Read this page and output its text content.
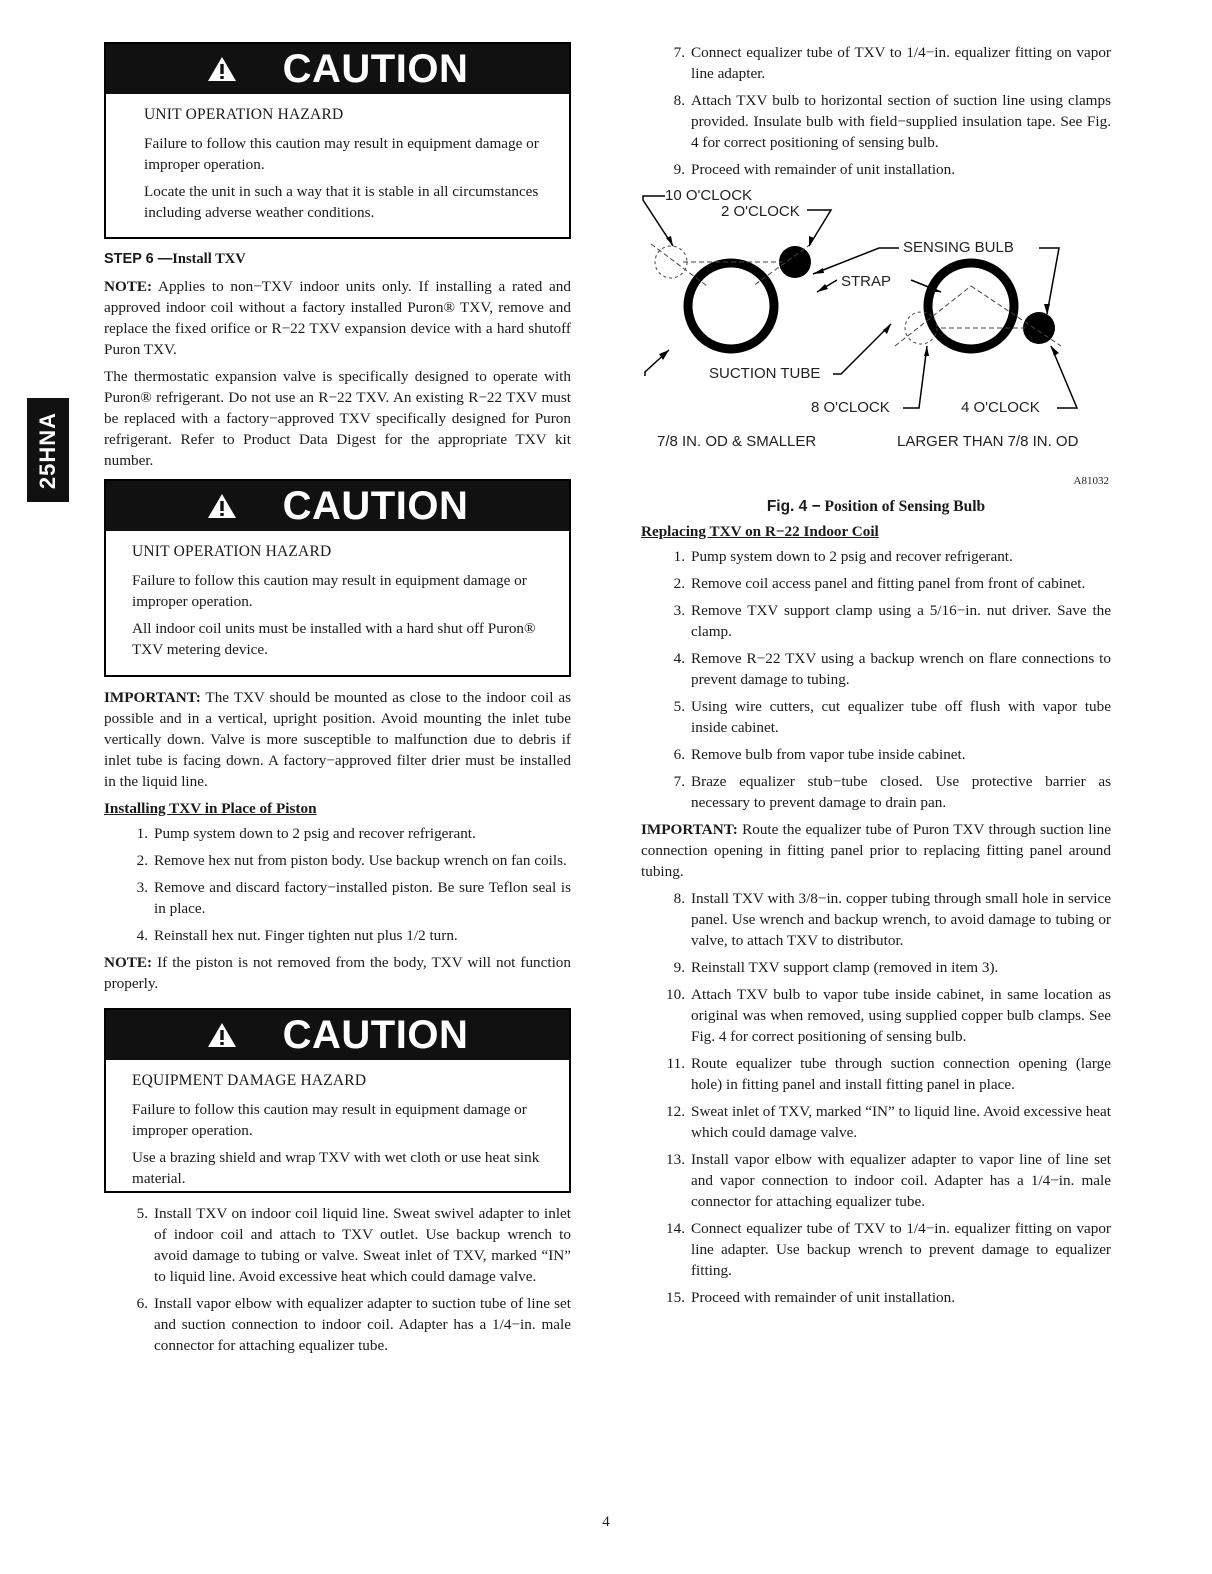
25HNA
CAUTION
UNIT OPERATION HAZARD

Failure to follow this caution may result in equipment damage or improper operation.

Locate the unit in such a way that it is stable in all circumstances including adverse weather conditions.

STEP 6 —Install TXV

NOTE: Applies to non−TXV indoor units only. If installing a rated and approved indoor coil without a factory installed Puron® TXV, remove and replace the fixed orifice or R−22 TXV expansion device with a hard shutoff Puron TXV.

The thermostatic expansion valve is specifically designed to operate with Puron® refrigerant. Do not use an R−22 TXV. An existing R−22 TXV must be replaced with a factory−approved TXV specifically designed for Puron refrigerant. Refer to Product Data Digest for the appropriate TXV kit number.

CAUTION
UNIT OPERATION HAZARD

Failure to follow this caution may result in equipment damage or improper operation.

All indoor coil units must be installed with a hard shut off Puron® TXV metering device.

IMPORTANT: The TXV should be mounted as close to the indoor coil as possible and in a vertical, upright position. Avoid mounting the inlet tube vertically down. Valve is more susceptible to malfunction due to debris if inlet tube is facing down. A factory−approved filter drier must be installed in the liquid line.

Installing TXV in Place of Piston
1. Pump system down to 2 psig and recover refrigerant.
2. Remove hex nut from piston body. Use backup wrench on fan coils.
3. Remove and discard factory−installed piston. Be sure Teflon seal is in place.
4. Reinstall hex nut. Finger tighten nut plus 1/2 turn.

NOTE: If the piston is not removed from the body, TXV will not function properly.

CAUTION
EQUIPMENT DAMAGE HAZARD

Failure to follow this caution may result in equipment damage or improper operation.

Use a brazing shield and wrap TXV with wet cloth or use heat sink material.

5. Install TXV on indoor coil liquid line. Sweat swivel adapter to inlet of indoor coil and attach to TXV outlet. Use backup wrench to avoid damage to tubing or valve. Sweat inlet of TXV, marked “IN” to liquid line. Avoid excessive heat which could damage valve.
6. Install vapor elbow with equalizer adapter to suction tube of line set and suction connection to indoor coil. Adapter has a 1/4−in. male connector for attaching equalizer tube.
7. Connect equalizer tube of TXV to 1/4−in. equalizer fitting on vapor line adapter.
8. Attach TXV bulb to horizontal section of suction line using clamps provided. Insulate bulb with field−supplied insulation tape. See Fig. 4 for correct positioning of sensing bulb.
9. Proceed with remainder of unit installation.
10 O'CLOCK
2 O'CLOCK
SENSING BULB
STRAP
SUCTION TUBE
8 O'CLOCK	4 O'CLOCK
7/8 IN. OD & SMALLER	LARGER THAN 7/8 IN. OD
A81032
Fig. 4 − Position of Sensing Bulb
Replacing TXV on R−22 Indoor Coil
1. Pump system down to 2 psig and recover refrigerant.
2. Remove coil access panel and fitting panel from front of cabinet.
3. Remove TXV support clamp using a 5/16−in. nut driver. Save the clamp.
4. Remove R−22 TXV using a backup wrench on flare connections to prevent damage to tubing.
5. Using wire cutters, cut equalizer tube off flush with vapor tube inside cabinet.
6. Remove bulb from vapor tube inside cabinet.
7. Braze equalizer stub−tube closed. Use protective barrier as necessary to prevent damage to drain pan.

IMPORTANT: Route the equalizer tube of Puron TXV through suction line connection opening in fitting panel prior to replacing fitting panel around tubing.

8. Install TXV with 3/8−in. copper tubing through small hole in service panel. Use wrench and backup wrench, to avoid damage to tubing or valve, to attach TXV to distributor.
9. Reinstall TXV support clamp (removed in item 3).
10. Attach TXV bulb to vapor tube inside cabinet, in same location as original was when removed, using supplied copper bulb clamps. See Fig. 4 for correct positioning of sensing bulb.
11. Route equalizer tube through suction connection opening (large hole) in fitting panel and install fitting panel in place.
12. Sweat inlet of TXV, marked “IN” to liquid line. Avoid excessive heat which could damage valve.
13. Install vapor elbow with equalizer adapter to vapor line of line set and vapor connection to indoor coil. Adapter has a 1/4−in. male connector for attaching equalizer tube.
14. Connect equalizer tube of TXV to 1/4−in. equalizer fitting on vapor line adapter. Use backup wrench to prevent damage to equalizer fitting.
15. Proceed with remainder of unit installation.
4
